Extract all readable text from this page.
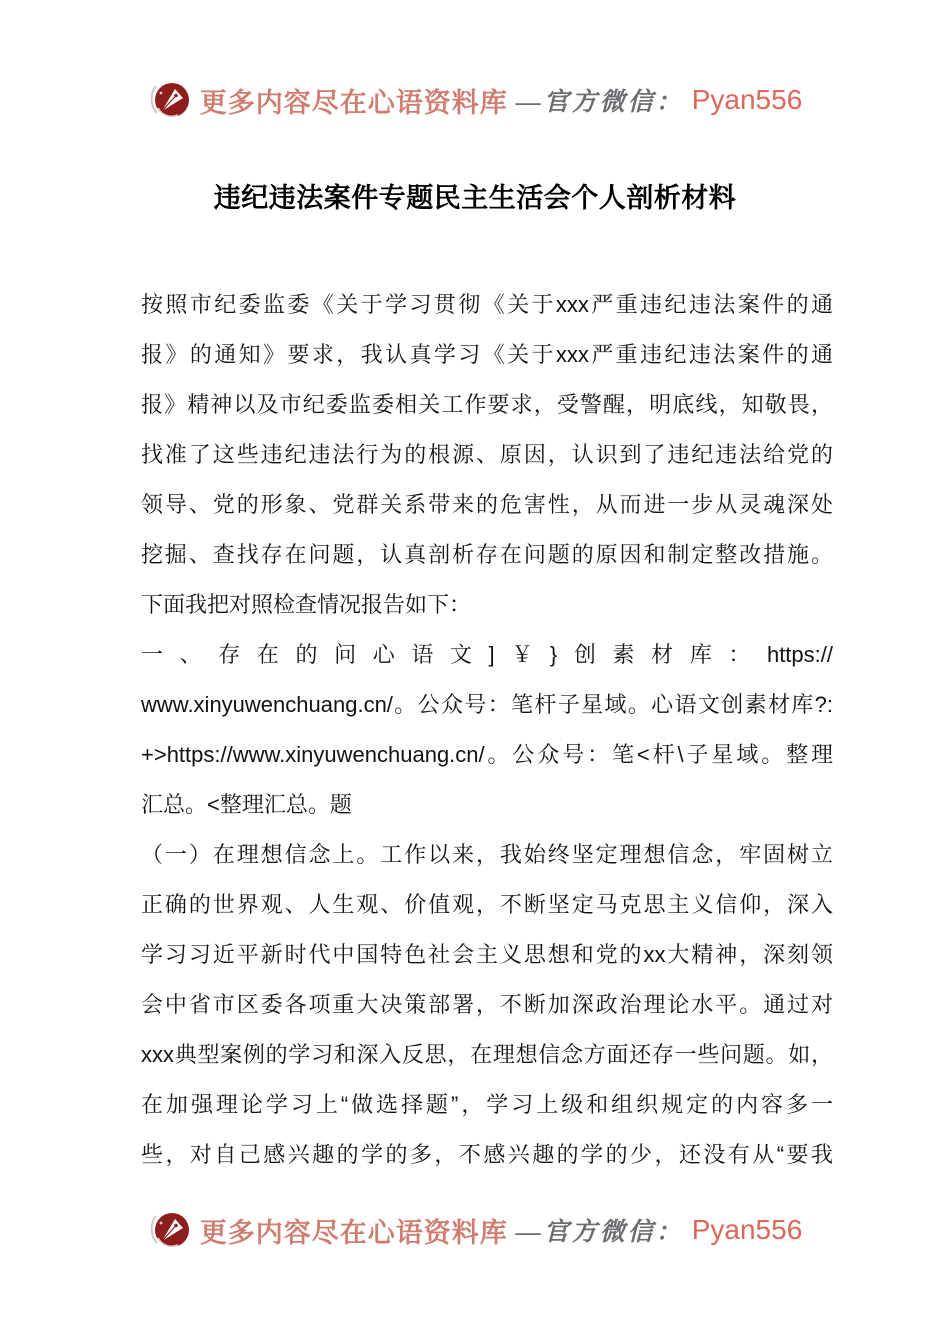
更多内容尽在心语资料库 —官方微信： Pyan556
违纪违法案件专题民主生活会个人剖析材料
按照市纪委监委《关于学习贯彻《关于xxx严重违纪违法案件的通
报》的通知》要求，我认真学习《关于xxx严重违纪违法案件的通
报》精神以及市纪委监委相关工作要求，受警醒，明底线，知敬畏，
找准了这些违纪违法行为的根源、原因，认识到了违纪违法给党的
领导、党的形象、党群关系带来的危害性，从而进一步从灵魂深处
挖掘、查找存在问题，认真剖析存在问题的原因和制定整改措施。
下面我把对照检查情况报告如下：
一、存在的问心语文]￥}创素材库：https://
www.xinyuwenchuang.cn/。公众号：笔杆子星域。心语文创素材库?:
+>https://www.xinyuwenchuang.cn/。公众号：笔<杆\子星域。整理
汇总。<整理汇总。题
（一）在理想信念上。工作以来，我始终坚定理想信念，牢固树立
正确的世界观、人生观、价值观，不断坚定马克思主义信仰，深入
学习习近平新时代中国特色社会主义思想和党的xx大精神，深刻领
会中省市区委各项重大决策部署，不断加深政治理论水平。通过对
xxx典型案例的学习和深入反思，在理想信念方面还存一些问题。如，
在加强理论学习上“做选择题”，学习上级和组织规定的内容多一
些，对自己感兴趣的学的多，不感兴趣的学的少，还没有从“要我
更多内容尽在心语资料库 —官方微信： Pyan556
